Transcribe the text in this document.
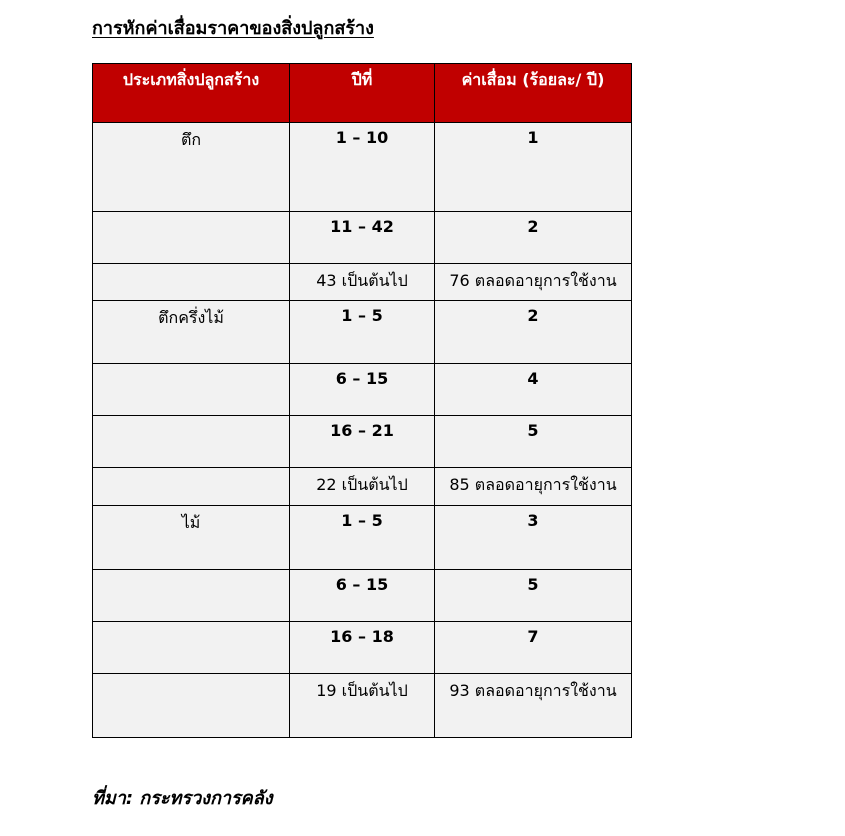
การหักค่าเสื่อมราคาของสิ่งปลูกสร้าง
ประเภทสิ่งปลูกสร้าง	ปีที่	ค่าเสื่อม (ร้อยละ/ ปี)
ตึก	1 – 10	1
	11 – 42	2
	43 เป็นต้นไป	76 ตลอดอายุการใช้งาน
ตึกครึ่งไม้	1 – 5	2
	6 – 15	4
	16 – 21	5
	22 เป็นต้นไป	85 ตลอดอายุการใช้งาน
ไม้	1 – 5	3
	6 – 15	5
	16 – 18	7
	19 เป็นต้นไป	93 ตลอดอายุการใช้งาน
ที่มา: กระทรวงการคลัง
